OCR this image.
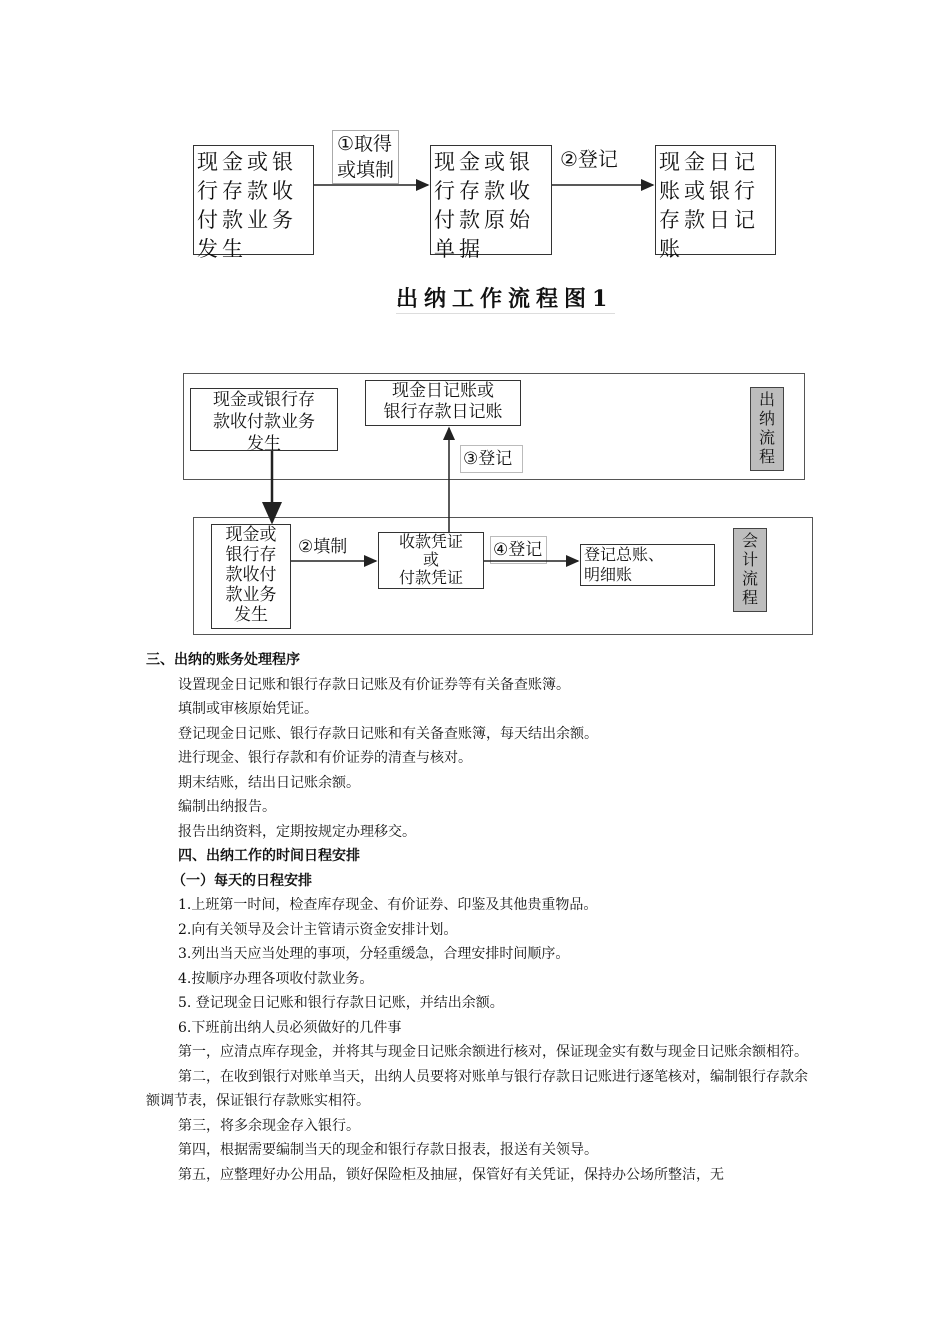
现金或银
行存款收
付款业务
发生
①取得
或填制 现金或银
行存款收
付款原始
单据
②登记 现金日记
账或银行
存款日记
账
出纳工作流程图1
现金或银行存
款收付款业务
发生
现金日记账或
银行存款日记账
③登记
出
纳
流
程
现金或
银行存
款收付
款业务
发生
②填制	收款凭证
或
付款凭证
④登记	登记总账、
明细账
会
计
流
程

三、出纳的账务处理程序

设置现金日记账和银行存款日记账及有价证券等有关备查账簿。

填制或审核原始凭证。

登记现金日记账、银行存款日记账和有关备查账簿，每天结出余额。

进行现金、银行存款和有价证券的清查与核对。

期末结账，结出日记账余额。

编制出纳报告。

报告出纳资料，定期按规定办理移交。

四、出纳工作的时间日程安排

（一）每天的日程安排

1.上班第一时间，检查库存现金、有价证券、印鉴及其他贵重物品。

2.向有关领导及会计主管请示资金安排计划。

3.列出当天应当处理的事项，分轻重缓急，合理安排时间顺序。

4.按顺序办理各项收付款业务。

5. 登记现金日记账和银行存款日记账，并结出余额。

6.下班前出纳人员必须做好的几件事

第一，应清点库存现金，并将其与现金日记账余额进行核对，保证现金实有数与现金日记账余额相符。

第二，在收到银行对账单当天，出纳人员要将对账单与银行存款日记账进行逐笔核对，编制银行存款余额调节表，保证银行存款账实相符。

第三，将多余现金存入银行。

第四，根据需要编制当天的现金和银行存款日报表，报送有关领导。

第五，应整理好办公用品，锁好保险柜及抽屉，保管好有关凭证，保持办公场所整洁，无
